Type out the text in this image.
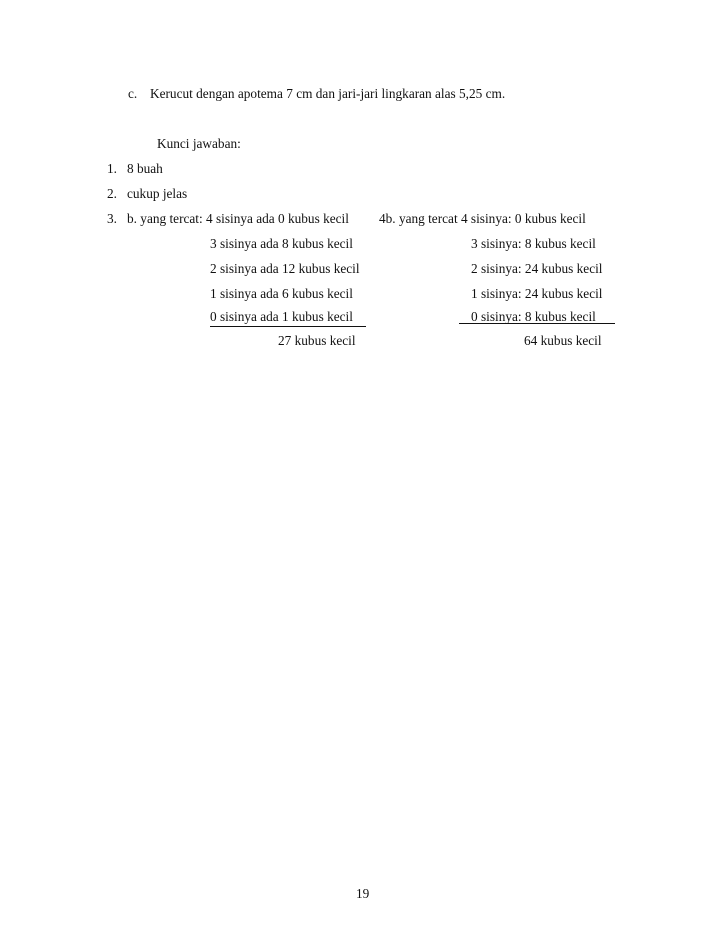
c. Kerucut dengan apotema 7 cm dan jari-jari lingkaran alas 5,25 cm.
Kunci jawaban:
1. 8 buah
2. cukup jelas
3. b. yang tercat: 4 sisinya ada 0 kubus kecil
3 sisinya ada 8 kubus kecil
2 sisinya ada 12 kubus kecil
1 sisinya ada 6 kubus kecil
0 sisinya ada 1 kubus kecil
27 kubus kecil
4b. yang tercat 4 sisinya: 0 kubus kecil
3 sisinya: 8 kubus kecil
2 sisinya: 24 kubus kecil
1 sisinya: 24 kubus kecil
0 sisinya: 8 kubus kecil
64 kubus kecil
19
